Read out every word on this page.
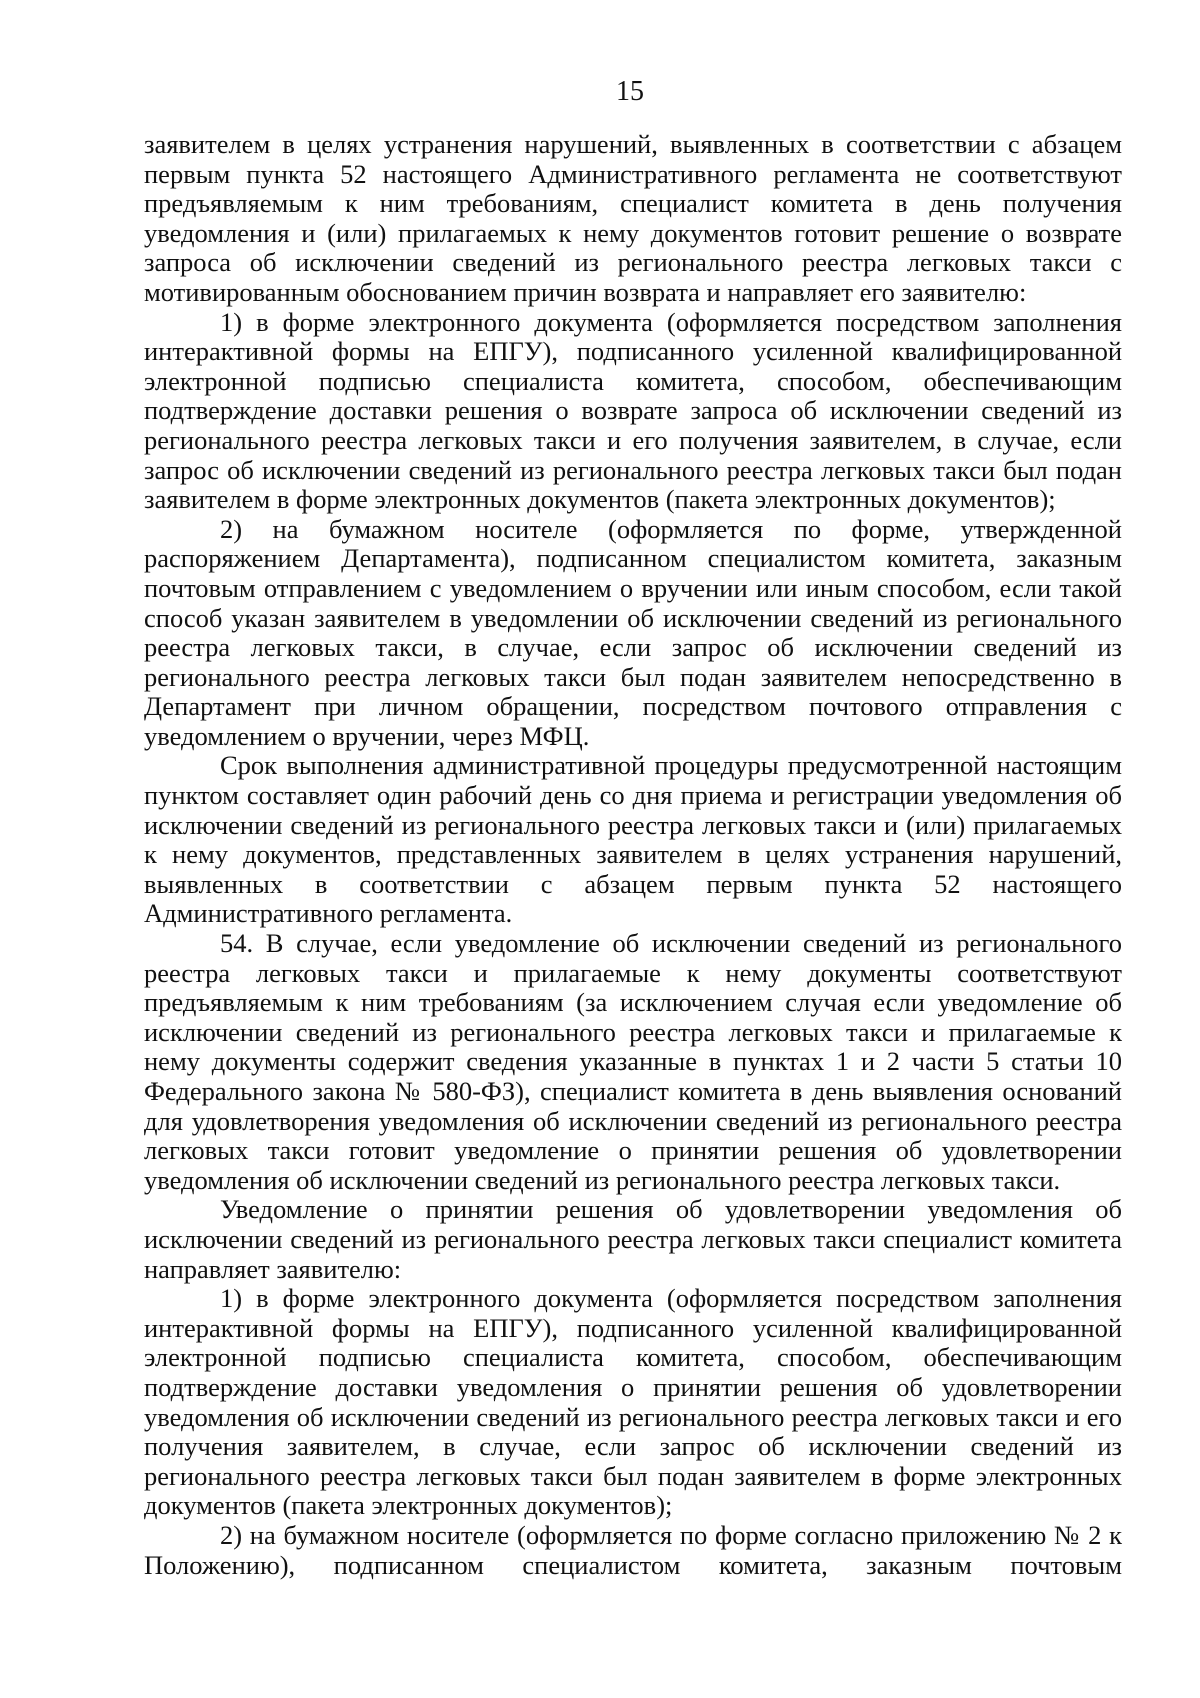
15

заявителем в целях устранения нарушений, выявленных в соответствии с абзацем первым пункта 52 настоящего Административного регламента не соответствуют предъявляемым к ним требованиям, специалист комитета в день получения уведомления и (или) прилагаемых к нему документов готовит решение о возврате запроса об исключении сведений из регионального реестра легковых такси с мотивированным обоснованием причин возврата и направляет его заявителю:

1) в форме электронного документа (оформляется посредством заполнения интерактивной формы на ЕПГУ), подписанного усиленной квалифицированной электронной подписью специалиста комитета, способом, обеспечивающим подтверждение доставки решения о возврате запроса об исключении сведений из регионального реестра легковых такси и его получения заявителем, в случае, если запрос об исключении сведений из регионального реестра легковых такси был подан заявителем в форме электронных документов (пакета электронных документов);

2) на бумажном носителе (оформляется по форме, утвержденной распоряжением Департамента), подписанном специалистом комитета, заказным почтовым отправлением с уведомлением о вручении или иным способом, если такой способ указан заявителем в уведомлении об исключении сведений из регионального реестра легковых такси, в случае, если запрос об исключении сведений из регионального реестра легковых такси был подан заявителем непосредственно в Департамент при личном обращении, посредством почтового отправления с уведомлением о вручении, через МФЦ.

Срок выполнения административной процедуры предусмотренной настоящим пунктом составляет один рабочий день со дня приема и регистрации уведомления об исключении сведений из регионального реестра легковых такси и (или) прилагаемых к нему документов, представленных заявителем в целях устранения нарушений, выявленных в соответствии с абзацем первым пункта 52 настоящего Административного регламента.

54. В случае, если уведомление об исключении сведений из регионального реестра легковых такси и прилагаемые к нему документы соответствуют предъявляемым к ним требованиям (за исключением случая если уведомление об исключении сведений из регионального реестра легковых такси и прилагаемые к нему документы содержит сведения указанные в пунктах 1 и 2 части 5 статьи 10 Федерального закона № 580-ФЗ), специалист комитета в день выявления оснований для удовлетворения уведомления об исключении сведений из регионального реестра легковых такси готовит уведомление о принятии решения об удовлетворении уведомления об исключении сведений из регионального реестра легковых такси.

Уведомление о принятии решения об удовлетворении уведомления об исключении сведений из регионального реестра легковых такси специалист комитета направляет заявителю:

1) в форме электронного документа (оформляется посредством заполнения интерактивной формы на ЕПГУ), подписанного усиленной квалифицированной электронной подписью специалиста комитета, способом, обеспечивающим подтверждение доставки уведомления о принятии решения об удовлетворении уведомления об исключении сведений из регионального реестра легковых такси и его получения заявителем, в случае, если запрос об исключении сведений из регионального реестра легковых такси был подан заявителем в форме электронных документов (пакета электронных документов);

2) на бумажном носителе (оформляется по форме согласно приложению № 2 к Положению), подписанном специалистом комитета, заказным почтовым
